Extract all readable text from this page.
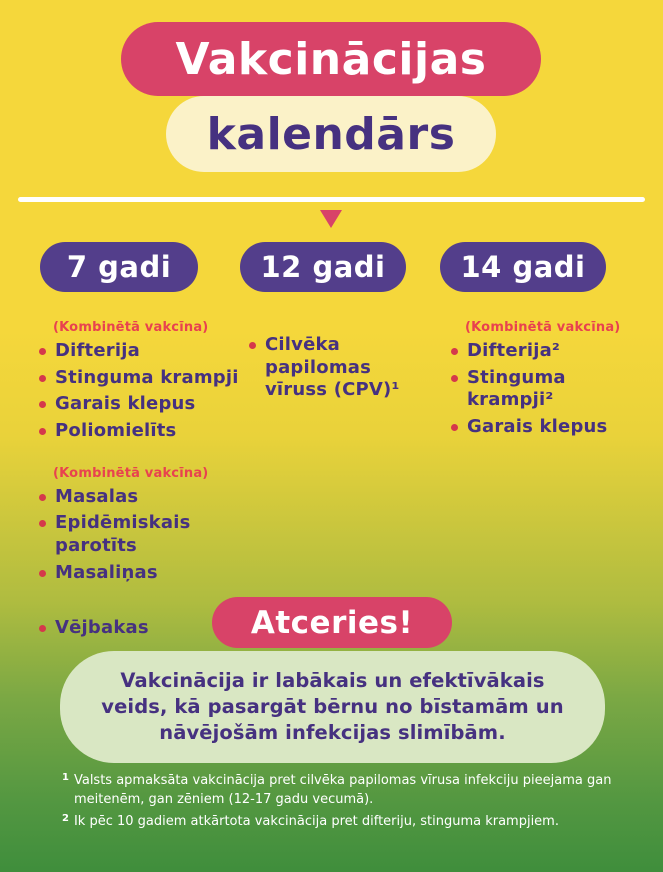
Vakcinācijas
kalendārs
7 gadi	12 gadi	14 gadi

(Kombinētā vakcīna)

Difterija
Stinguma krampji
Garais klepus
Poliomielīts

(Kombinētā vakcīna)

Masalas
Epidēmiskais parotīts
Masaliņas
Vējbakas
Cilvēka papilomas vīruss (CPV)¹

(Kombinētā vakcīna)

Difterija²
Stinguma krampji²
Garais klepus
Atceries!

Vakcinācija ir labākais un efektīvākais veids, kā pasargāt bērnu no bīstamām un nāvējošām infekcijas slimībām.

1 Valsts apmaksāta vakcinācija pret cilvēka papilomas vīrusa infekciju pieejama gan meitenēm, gan zēniem (12-17 gadu vecumā).
2 Ik pēc 10 gadiem atkārtota vakcinācija pret difteriju, stinguma krampjiem.
